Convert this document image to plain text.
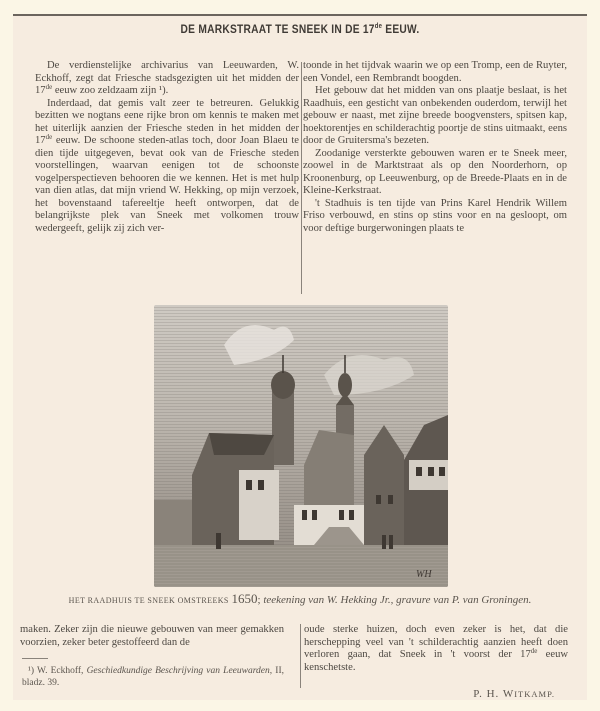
DE MARKSTRAAT TE SNEEK IN DE 17de EEUW.

De verdienstelijke archivarius van Leeuwarden, W. Eckhoff, zegt dat Friesche stadsgezigten uit het midden der 17de eeuw zoo zeldzaam zijn ¹).

Inderdaad, dat gemis valt zeer te betreuren. Gelukkig bezitten we nogtans eene rijke bron om kennis te maken met het uiterlijk aanzien der Friesche steden in het midden der 17de eeuw. De schoone steden-atlas toch, door Joan Blaeu te dien tijde uitgegeven, bevat ook van de Friesche steden voorstellingen, waarvan eenigen tot de schoonste vogelperspectieven behooren die we kennen. Het is met hulp van dien atlas, dat mijn vriend W. Hekking, op mijn verzoek, het bovenstaand tafereeltje heeft ontworpen, dat de belangrijkste plek van Sneek met volkomen trouw wedergeeft, gelijk zij zich ver-

toonde in het tijdvak waarin we op een Tromp, een de Ruyter, een Vondel, een Rembrandt boogden.

Het gebouw dat het midden van ons plaatje beslaat, is het Raadhuis, een gesticht van onbekenden ouderdom, terwijl het gebouw er naast, met zijne breede boogvensters, spitsen kap, hoektorentjes en schilderachtig poortje de stins uitmaakt, eens door de Gruitersma's bezeten.

Zoodanige versterkte gebouwen waren er te Sneek meer, zoowel in de Marktstraat als op den Noorderhorn, op Kroonenburg, op Leeuwenburg, op de Breede-Plaats en in de Kleine-Kerkstraat.

't Stadhuis is ten tijde van Prins Karel Hendrik Willem Friso verbouwd, en stins op stins voor en na gesloopt, om voor deftige burgerwoningen plaats te

WH
HET RAADHUIS TE SNEEK OMSTREEKS 1650; teekening van W. Hekking Jr., gravure van P. van Groningen.

maken. Zeker zijn die nieuwe gebouwen van meer gemakken voorzien, zeker beter gestoffeerd dan de

¹) W. Eckhoff, Geschiedkundige Beschrijving van Leeuwarden, II, bladz. 39.

oude sterke huizen, doch even zeker is het, dat die herschepping veel van 't schilderachtig aanzien heeft doen verloren gaan, dat Sneek in 't voorst der 17de eeuw kenschetste.

P. H. WITKAMP.
